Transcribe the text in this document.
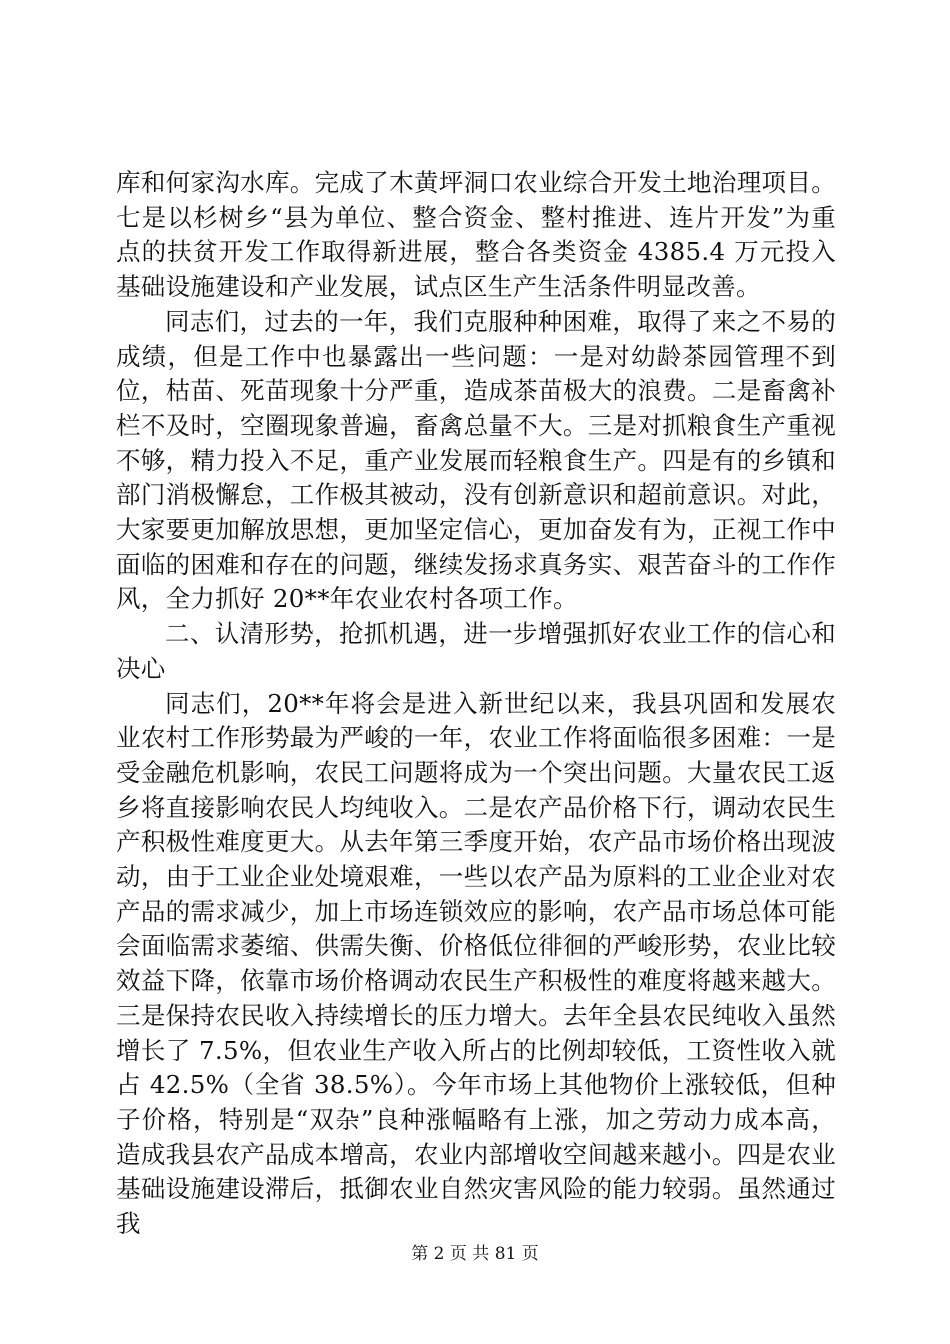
库和何家沟水库。完成了木黄坪洞口农业综合开发土地治理项目。七是以杉树乡“县为单位、整合资金、整村推进、连片开发”为重点的扶贫开发工作取得新进展，整合各类资金 4385.4 万元投入基础设施建设和产业发展，试点区生产生活条件明显改善。

同志们，过去的一年，我们克服种种困难，取得了来之不易的成绩，但是工作中也暴露出一些问题：一是对幼龄茶园管理不到位，枯苗、死苗现象十分严重，造成茶苗极大的浪费。二是畜禽补栏不及时，空圈现象普遍，畜禽总量不大。三是对抓粮食生产重视不够，精力投入不足，重产业发展而轻粮食生产。四是有的乡镇和部门消极懈怠，工作极其被动，没有创新意识和超前意识。对此，大家要更加解放思想，更加坚定信心，更加奋发有为，正视工作中面临的困难和存在的问题，继续发扬求真务实、艰苦奋斗的工作作风，全力抓好 20**年农业农村各项工作。

二、认清形势，抢抓机遇，进一步增强抓好农业工作的信心和决心

同志们，20**年将会是进入新世纪以来，我县巩固和发展农业农村工作形势最为严峻的一年，农业工作将面临很多困难：一是受金融危机影响，农民工问题将成为一个突出问题。大量农民工返乡将直接影响农民人均纯收入。二是农产品价格下行，调动农民生产积极性难度更大。从去年第三季度开始，农产品市场价格出现波动，由于工业企业处境艰难，一些以农产品为原料的工业企业对农产品的需求减少，加上市场连锁效应的影响，农产品市场总体可能会面临需求萎缩、供需失衡、价格低位徘徊的严峻形势，农业比较效益下降，依靠市场价格调动农民生产积极性的难度将越来越大。三是保持农民收入持续增长的压力增大。去年全县农民纯收入虽然增长了 7.5%，但农业生产收入所占的比例却较低，工资性收入就占 42.5%（全省 38.5%）。今年市场上其他物价上涨较低，但种子价格，特别是“双杂”良种涨幅略有上涨，加之劳动力成本高，造成我县农产品成本增高，农业内部增收空间越来越小。四是农业基础设施建设滞后，抵御农业自然灾害风险的能力较弱。虽然通过我

第 2 页 共 81 页
